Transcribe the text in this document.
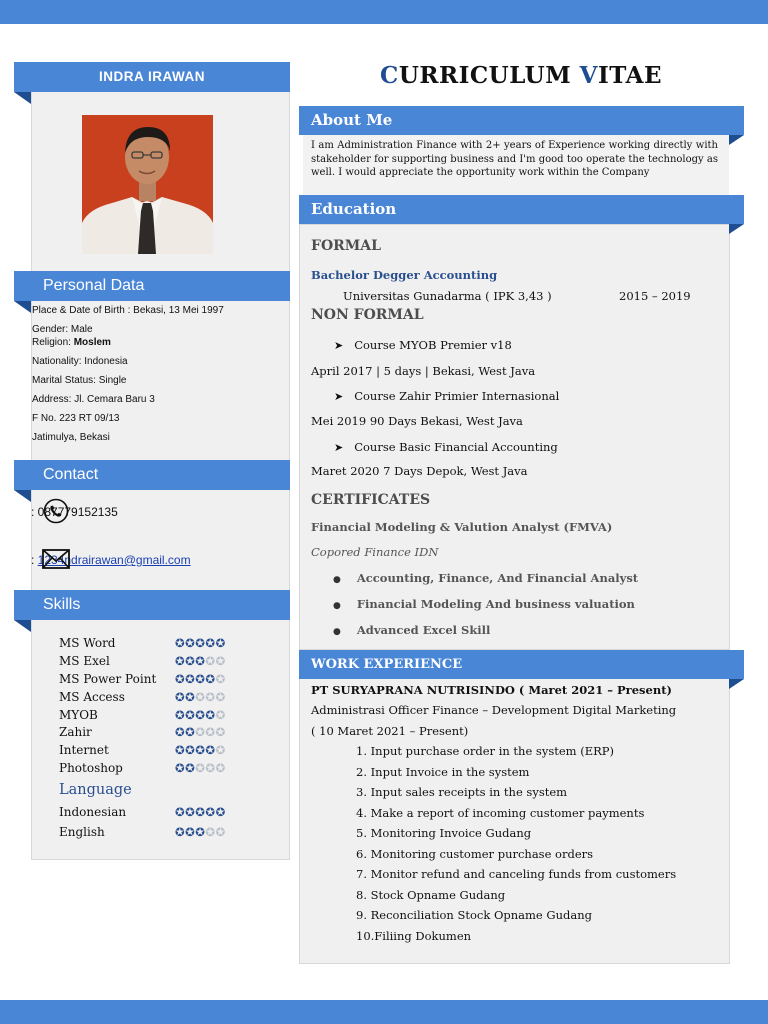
INDRA IRAWAN
Personal Data
Place & Date of Birth : Bekasi, 13 Mei 1997
Gender: Male
Religion: Moslem
Nationality: Indonesia
Marital Status: Single
Address: Jl. Cemara Baru 3
F No. 223 RT 09/13
Jatimulya, Bekasi
Contact
: 087779152135
: 1234ndrairawan@gmail.com
Skills
MS Word	✪✪✪✪✪
MS Exel	✪✪✪✪✪
MS Power Point ✪✪✪✪✪
MS Access	✪✪✪✪✪
MYOB	✪✪✪✪✪
Zahir	✪✪✪✪✪
Internet	✪✪✪✪✪
Photoshop	✪✪✪✪✪
Language
Indonesian	✪✪✪✪✪
English	✪✪✪✪✪
CURRICULUM VITAE
About Me
I am Administration Finance with 2+ years of Experience working directly with stakeholder for supporting business and I'm good too operate the technology as well. I would appreciate the opportunity work within the Company
Education
FORMAL
Bachelor Degger Accounting
Universitas Gunadarma ( IPK 3,43 )	2015 – 2019
NON FORMAL
➤ Course MYOB Premier v18
April 2017 | 5 days | Bekasi, West Java
➤ Course Zahir Primier Internasional
Mei 2019 90 Days Bekasi, West Java
➤ Course Basic Financial Accounting
Maret 2020 7 Days Depok, West Java
CERTIFICATES
Financial Modeling & Valution Analyst (FMVA)
Copored Finance IDN
● Accounting, Finance, And Financial Analyst
● Financial Modeling And business valuation
● Advanced Excel Skill
WORK EXPERIENCE
PT SURYAPRANA NUTRISINDO ( Maret 2021 – Present)
Administrasi Officer Finance – Development Digital Marketing
( 10 Maret 2021 – Present)
1. Input purchase order in the system (ERP)
2. Input Invoice in the system
3. Input sales receipts in the system
4. Make a report of incoming customer payments
5. Monitoring Invoice Gudang
6. Monitoring customer purchase orders
7. Monitor refund and canceling funds from customers
8. Stock Opname Gudang
9. Reconciliation Stock Opname Gudang
10.Filiing Dokumen
